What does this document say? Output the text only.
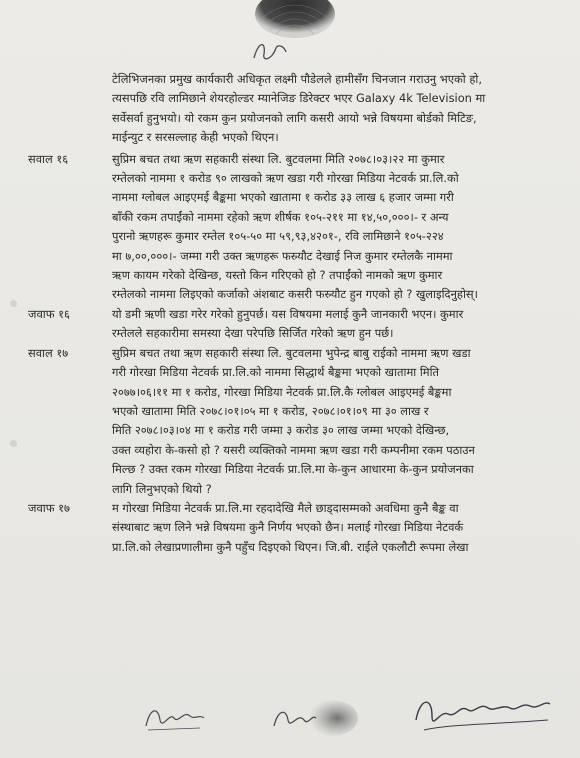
टेलिभिजनका प्रमुख कार्यकारी अधिकृत लक्ष्मी पौडेलले हामीसँग चिनजान गराउनु भएको हो,
त्यसपछि रवि लामिछाने शेयरहोल्डर म्यानेजिङ डिरेक्टर भएर Galaxy 4k Television मा
सर्वेसर्वा हुनुभयो। यो रकम कुन प्रयोजनको लागि कसरी आयो भन्ने विषयमा बोर्डको मिटिङ,
माईन्युट र सरसल्लाह केही भएको थिएन।
सवाल १६	सुप्रिम बचत तथा ऋण सहकारी संस्था लि. बुटवलमा मिति २०७८।०३।२२ मा कुमार
रम्तेलको नाममा १ करोड ९० लाखको ऋण खडा गरी गोरखा मिडिया नेटवर्क प्रा.लि.को
नाममा ग्लोबल आइएमई बैङ्कमा भएको खातामा १ करोड ३३ लाख ६ हजार जम्मा गरी
बाँकी रकम तपाईंको नाममा रहेको ऋण शीर्षक १०५-२११ मा १४,५०,०००।- र अन्य
पुरानो ऋणहरू कुमार रम्तेल १०५-५० मा ५९,९३,४२०१-, रवि लामिछाने १०५-२२४
मा ७,००,०००।- जम्मा गरी उक्त ऋणहरू फस्र्यौट देखाई निज कुमार रम्तेलकै नाममा
ऋण कायम गरेको देखिन्छ, यस्तो किन गरिएको हो ? तपाईंको नामको ऋण कुमार
रम्तेलको नाममा लिइएको कर्जाको अंशबाट कसरी फस्र्यौट हुन गएको हो ? खुलाइदिनुहोस्।
जवाफ १६	यो डमी ऋणी खडा गरेर गरेको हुनुपर्छ। यस विषयमा मलाई कुनै जानकारी भएन। कुमार
रम्तेलले सहकारीमा समस्या देखा परेपछि सिर्जित गरेको ऋण हुन पर्छ।
सवाल १७	सुप्रिम बचत तथा ऋण सहकारी संस्था लि. बुटवलमा भुपेन्द्र बाबु राईको नाममा ऋण खडा
गरी गोरखा मिडिया नेटवर्क प्रा.लि.को नाममा सिद्धार्थ बैङ्कमा भएको खातामा मिति
२०७७।०६।११ मा १ करोड, गोरखा मिडिया नेटवर्क प्रा.लि.कै ग्लोबल आइएमई बैङ्कमा
भएको खातामा मिति २०७८।०१।०५ मा १ करोड, २०७८।०१।०९ मा ३० लाख र
मिति २०७८।०३।०४ मा १ करोड गरी जम्मा ३ करोड ३० लाख जम्मा भएको देखिन्छ,
उक्त व्यहोरा के-कसो हो ? यसरी व्यक्तिको नाममा ऋण खडा गरी कम्पनीमा रकम पठाउन
मिल्छ ? उक्त रकम गोरखा मिडिया नेटवर्क प्रा.लि.मा के-कुन आधारमा के-कुन प्रयोजनका
लागि लिनुभएको थियो ?
जवाफ १७	म गोरखा मिडिया नेटवर्क प्रा.लि.मा रहदादेखि मैले छाड्दासम्मको अवधिमा कुनै बैङ्क वा
संस्थाबाट ऋण लिने भन्ने विषयमा कुनै निर्णय भएको छैन। मलाई गोरखा मिडिया नेटवर्क
प्रा.लि.को लेखाप्रणालीमा कुनै पहुँच दिइएको थिएन। जि.बी. राईले एकलौटी रूपमा लेखा
